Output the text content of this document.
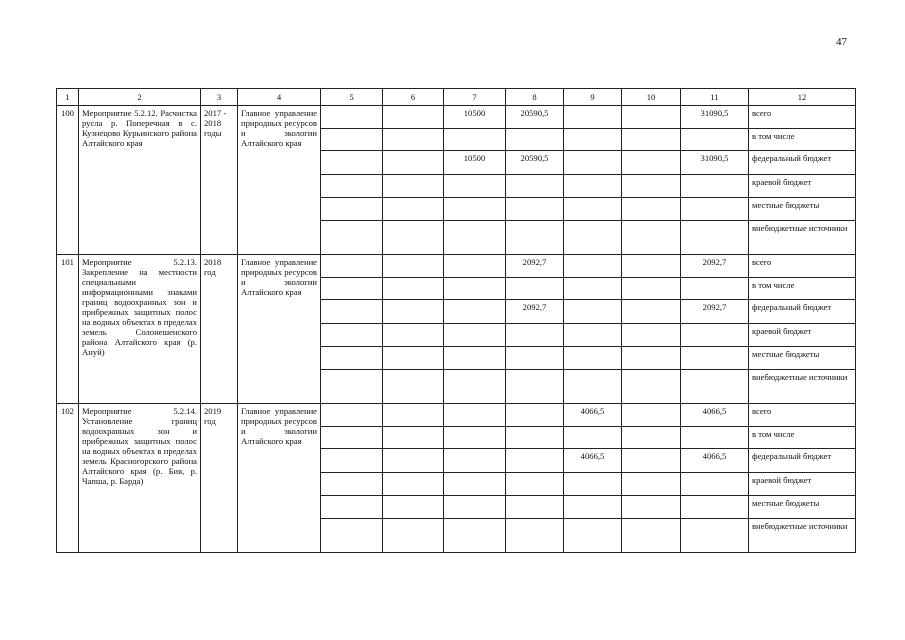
47
1	2	3	4	5	6	7	8	9	10	11	12
100	Мероприятие 5.2.12. Расчистка русла р. Поперечная в с. Кузнецово Курьинского района Алтайского края	2017 - 2018 годы	Главное управление природных ресурсов и экологии Алтайского края			10500	20590,5			31090,5	всего
											в том числе
						10500	20590,5			31090,5	федеральный бюджет
											краевой бюджет
											местные бюджеты
											внебюджетные источники
101	Мероприятие 5.2.13. Закрепление на местности специальными информационными знаками границ водоохранных зон и прибрежных защитных полос на водных объектах в пределах земель Солонешенского района Алтайского края (р. Ануй)	2018 год	Главное управление природных ресурсов и экологии Алтайского края				2092,7			2092,7	всего
											в том числе
							2092,7			2092,7	федеральный бюджет
											краевой бюджет
											местные бюджеты
											внебюджетные источники
102	Мероприятие 5.2.14. Установление границ водоохранных зон и прибрежных защитных полос на водных объектах в пределах земель Красногорского района Алтайского края (р. Бия, р. Чапша, р. Барда)	2019 год	Главное управление природных ресурсов и экологии Алтайского края					4066,5		4066,5	всего
											в том числе
								4066,5		4066,5	федеральный бюджет
											краевой бюджет
											местные бюджеты
											внебюджетные источники
